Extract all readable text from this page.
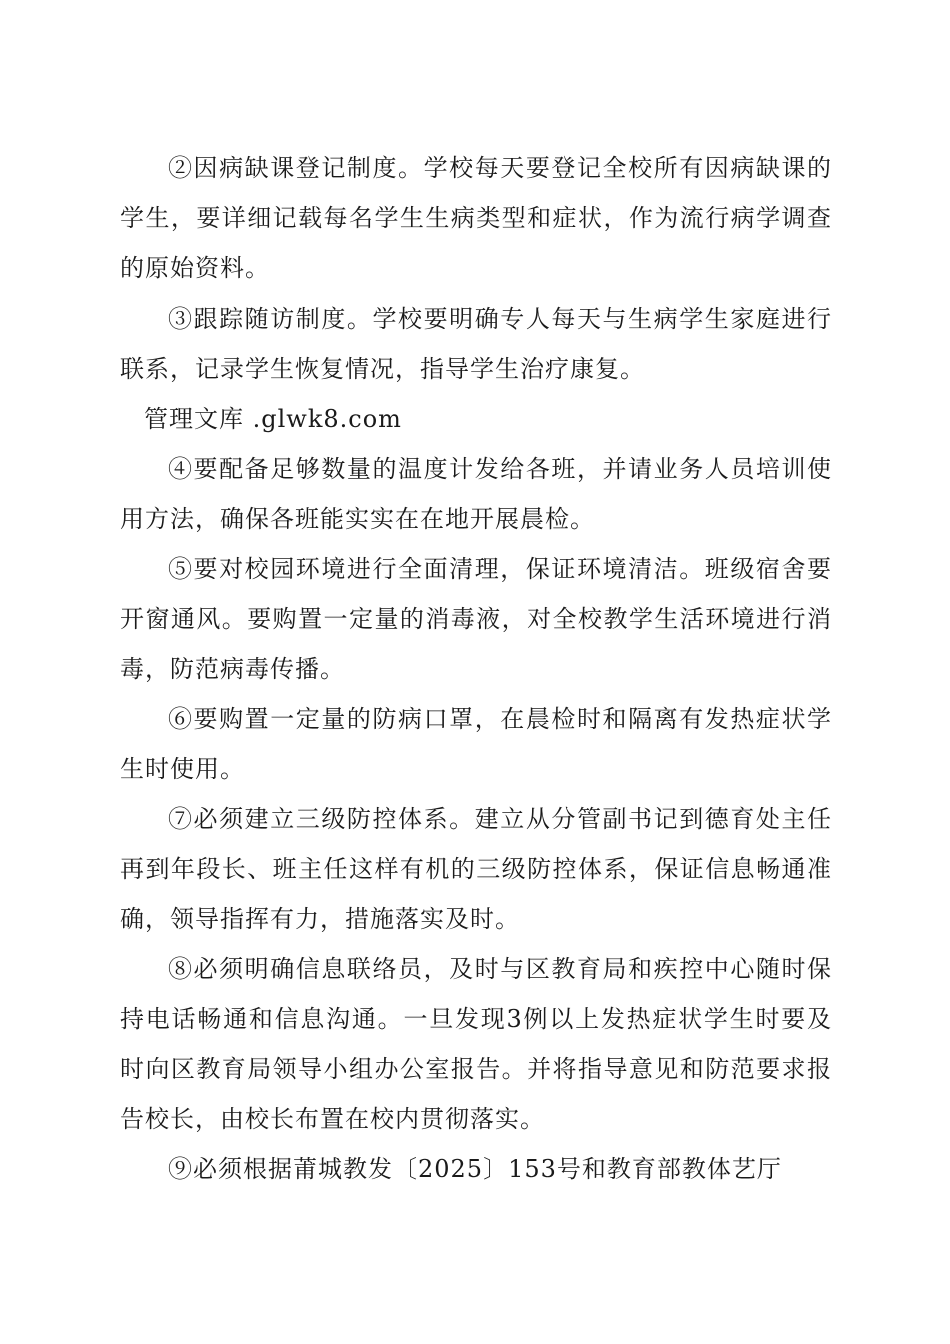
②因病缺课登记制度。学校每天要登记全校所有因病缺课的学生，要详细记载每名学生生病类型和症状，作为流行病学调查的原始资料。

③跟踪随访制度。学校要明确专人每天与生病学生家庭进行联系，记录学生恢复情况，指导学生治疗康复。

管理文库 .glwk8.com

④要配备足够数量的温度计发给各班，并请业务人员培训使用方法，确保各班能实实在在地开展晨检。

⑤要对校园环境进行全面清理，保证环境清洁。班级宿舍要开窗通风。要购置一定量的消毒液，对全校教学生活环境进行消毒，防范病毒传播。

⑥要购置一定量的防病口罩，在晨检时和隔离有发热症状学生时使用。

⑦必须建立三级防控体系。建立从分管副书记到德育处主任再到年段长、班主任这样有机的三级防控体系，保证信息畅通准确，领导指挥有力，措施落实及时。

⑧必须明确信息联络员，及时与区教育局和疾控中心随时保持电话畅通和信息沟通。一旦发现3例以上发热症状学生时要及时向区教育局领导小组办公室报告。并将指导意见和防范要求报告校长，由校长布置在校内贯彻落实。

⑨必须根据莆城教发〔2025〕153号和教育部教体艺厅
